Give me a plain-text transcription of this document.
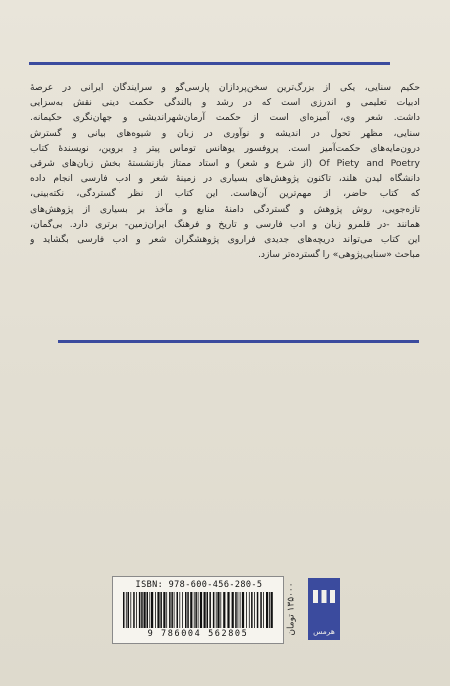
حکیم سنایی، یکی از بزرگ‌ترین سخن‌پردازان پارسی‌گو و سرایندگان ایرانی در عرصهٔ
ادبیات تعلیمی و اندرزی است که در رشد و بالندگی حکمت دینی نقش به‌سزایی
داشت. شعر وی، آمیزه‌ای است از حکمت آرمان‌شهراندیشی و جهان‌نگری حکیمانه.
سنایی، مظهر تحول در اندیشه و نوآوری در زبان و شیوه‌های بیانی و گسترش
درون‌مایه‌های حکمت‌آمیز است. پروفسور یوهانس توماس پیتر دِ بروین، نویسندهٔ کتاب
Of Piety and Poetry (از شرع و شعر) و استاد ممتاز بازنشستهٔ بخش زبان‌های شرقی
دانشگاه لیدن هلند، تاکنون پژوهش‌های بسیاری در زمینهٔ شعر و ادب فارسی انجام داده
که کتاب حاضر، از مهم‌ترین آن‌هاست. این کتاب از نظر گستردگی، نکته‌بینی،
تازه‌جویی، روش پژوهش و گستردگی دامنهٔ منابع و مآخذ بر بسیاری از پژوهش‌های
همانند -در قلمرو زبان و ادب فارسی و تاریخ و فرهنگ ایران‌زمین- برتری دارد. بی‌گمان،
این کتاب می‌تواند دریچه‌های جدیدی فراروی پژوهشگران شعر و ادب فارسی بگشاید و
مباحث «سنایی‌پژوهی» را گسترده‌تر سازد.
ISBN: 978-600-456-280-5
9 786004 562805	۱۳۵۰۰۰ تومان
هرمس
